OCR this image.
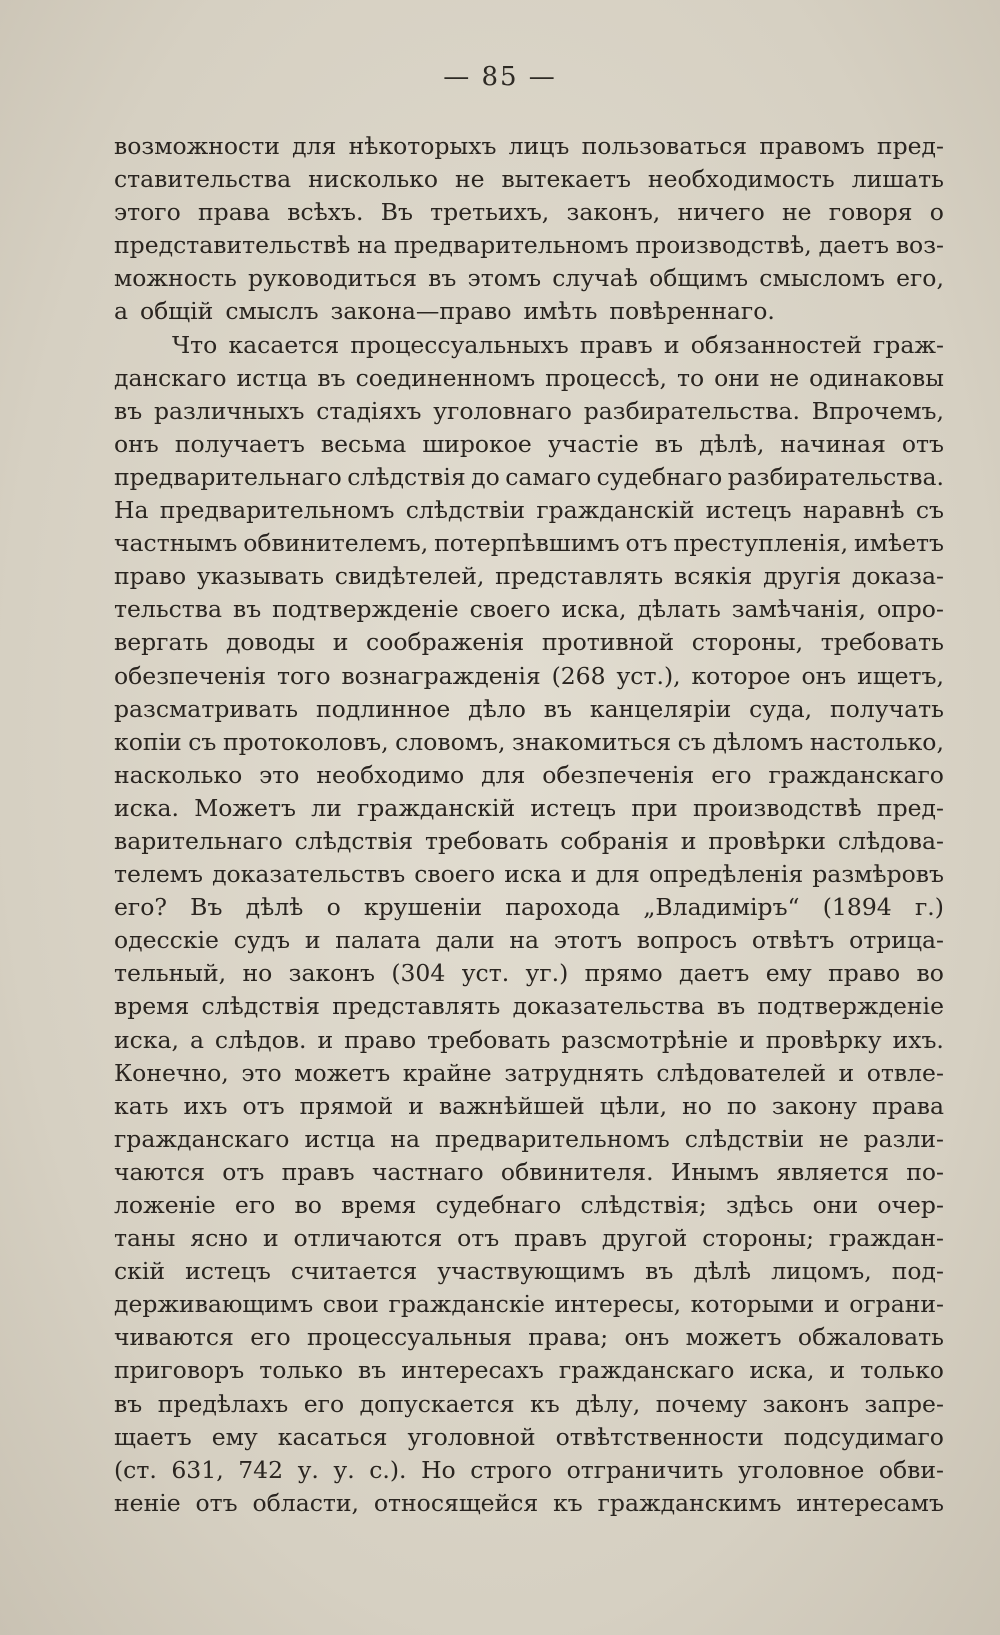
— 85 —
возможности для нѣкоторыхъ лицъ пользоваться правомъ пред-
ставительства нисколько не вытекаетъ необходимость лишать
этого права всѣхъ. Въ третьихъ, законъ, ничего не говоря о
представительствѣ на предварительномъ производствѣ, даетъ воз-
можность руководиться въ этомъ случаѣ общимъ смысломъ его,
а общій смыслъ закона—право имѣть повѣреннаго.
Что касается процессуальныхъ правъ и обязанностей граж-
данскаго истца въ соединенномъ процессѣ, то они не одинаковы
въ различныхъ стадіяхъ уголовнаго разбирательства. Впрочемъ,
онъ получаетъ весьма широкое участіе въ дѣлѣ, начиная отъ
предварительнаго слѣдствія до самаго судебнаго разбирательства.
На предварительномъ слѣдствіи гражданскій истецъ наравнѣ съ
частнымъ обвинителемъ, потерпѣвшимъ отъ преступленія, имѣетъ
право указывать свидѣтелей, представлять всякія другія доказа-
тельства въ подтвержденіе своего иска, дѣлать замѣчанія, опро-
вергать доводы и соображенія противной стороны, требовать
обезпеченія того вознагражденія (268 уст.), которое онъ ищетъ,
разсматривать подлинное дѣло въ канцеляріи суда, получать
копіи съ протоколовъ, словомъ, знакомиться съ дѣломъ настолько,
насколько это необходимо для обезпеченія его гражданскаго
иска. Можетъ ли гражданскій истецъ при производствѣ пред-
варительнаго слѣдствія требовать собранія и провѣрки слѣдова-
телемъ доказательствъ своего иска и для опредѣленія размѣровъ
его? Въ дѣлѣ о крушеніи парохода „Владиміръ“ (1894 г.)
одесскіе судъ и палата дали на этотъ вопросъ отвѣтъ отрица-
тельный, но законъ (304 уст. уг.) прямо даетъ ему право во
время слѣдствія представлять доказательства въ подтвержденіе
иска, а слѣдов. и право требовать разсмотрѣніе и провѣрку ихъ.
Конечно, это можетъ крайне затруднять слѣдователей и отвле-
кать ихъ отъ прямой и важнѣйшей цѣли, но по закону права
гражданскаго истца на предварительномъ слѣдствіи не разли-
чаются отъ правъ частнаго обвинителя. Инымъ является по-
ложеніе его во время судебнаго слѣдствія; здѣсь они очер-
таны ясно и отличаются отъ правъ другой стороны; граждан-
скій истецъ считается участвующимъ въ дѣлѣ лицомъ, под-
держивающимъ свои гражданскіе интересы, которыми и ограни-
чиваются его процессуальныя права; онъ можетъ обжаловать
приговоръ только въ интересахъ гражданскаго иска, и только
въ предѣлахъ его допускается къ дѣлу, почему законъ запре-
щаетъ ему касаться уголовной отвѣтственности подсудимаго
(ст. 631, 742 у. у. с.). Но строго отграничить уголовное обви-
неніе отъ области, относящейся къ гражданскимъ интересамъ
